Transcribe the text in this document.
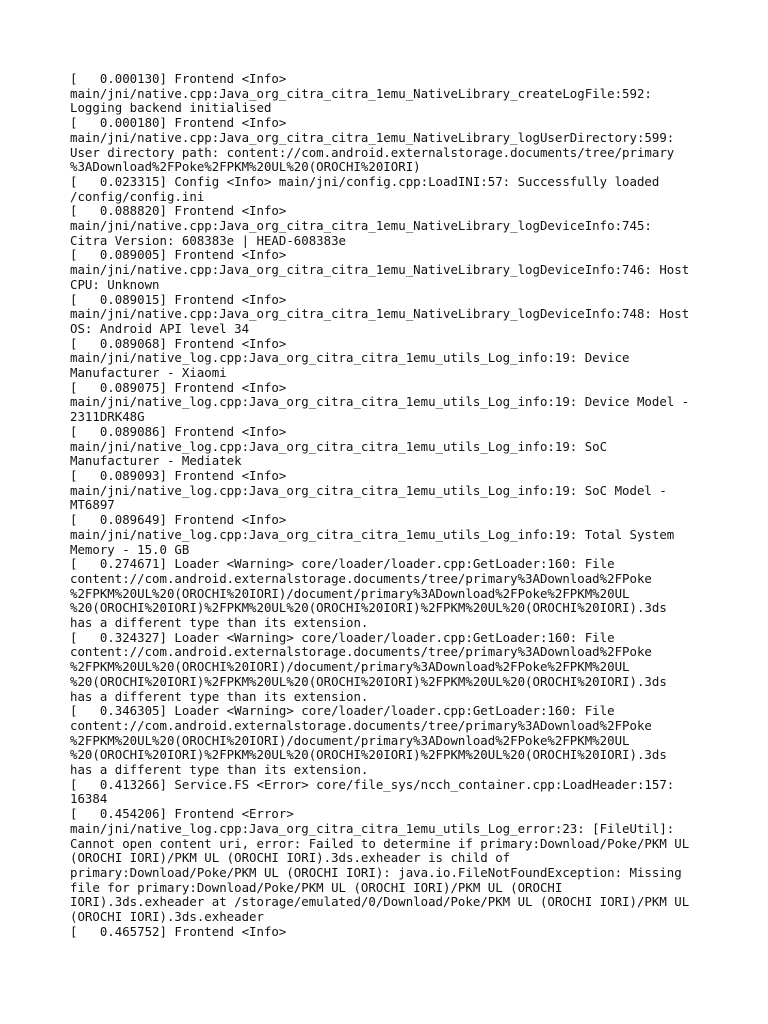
[   0.000130] Frontend <Info>
main/jni/native.cpp:Java_org_citra_citra_1emu_NativeLibrary_createLogFile:592:
Logging backend initialised
[   0.000180] Frontend <Info>
main/jni/native.cpp:Java_org_citra_citra_1emu_NativeLibrary_logUserDirectory:599:
User directory path: content://com.android.externalstorage.documents/tree/primary
%3ADownload%2FPoke%2FPKM%20UL%20(OROCHI%20IORI)
[   0.023315] Config <Info> main/jni/config.cpp:LoadINI:57: Successfully loaded
/config/config.ini
[   0.088820] Frontend <Info>
main/jni/native.cpp:Java_org_citra_citra_1emu_NativeLibrary_logDeviceInfo:745:
Citra Version: 608383e | HEAD-608383e
[   0.089005] Frontend <Info>
main/jni/native.cpp:Java_org_citra_citra_1emu_NativeLibrary_logDeviceInfo:746: Host
CPU: Unknown
[   0.089015] Frontend <Info>
main/jni/native.cpp:Java_org_citra_citra_1emu_NativeLibrary_logDeviceInfo:748: Host
OS: Android API level 34
[   0.089068] Frontend <Info>
main/jni/native_log.cpp:Java_org_citra_citra_1emu_utils_Log_info:19: Device
Manufacturer - Xiaomi
[   0.089075] Frontend <Info>
main/jni/native_log.cpp:Java_org_citra_citra_1emu_utils_Log_info:19: Device Model -
2311DRK48G
[   0.089086] Frontend <Info>
main/jni/native_log.cpp:Java_org_citra_citra_1emu_utils_Log_info:19: SoC
Manufacturer - Mediatek
[   0.089093] Frontend <Info>
main/jni/native_log.cpp:Java_org_citra_citra_1emu_utils_Log_info:19: SoC Model -
MT6897
[   0.089649] Frontend <Info>
main/jni/native_log.cpp:Java_org_citra_citra_1emu_utils_Log_info:19: Total System
Memory - 15.0 GB
[   0.274671] Loader <Warning> core/loader/loader.cpp:GetLoader:160: File
content://com.android.externalstorage.documents/tree/primary%3ADownload%2FPoke
%2FPKM%20UL%20(OROCHI%20IORI)/document/primary%3ADownload%2FPoke%2FPKM%20UL
%20(OROCHI%20IORI)%2FPKM%20UL%20(OROCHI%20IORI)%2FPKM%20UL%20(OROCHI%20IORI).3ds
has a different type than its extension.
[   0.324327] Loader <Warning> core/loader/loader.cpp:GetLoader:160: File
content://com.android.externalstorage.documents/tree/primary%3ADownload%2FPoke
%2FPKM%20UL%20(OROCHI%20IORI)/document/primary%3ADownload%2FPoke%2FPKM%20UL
%20(OROCHI%20IORI)%2FPKM%20UL%20(OROCHI%20IORI)%2FPKM%20UL%20(OROCHI%20IORI).3ds
has a different type than its extension.
[   0.346305] Loader <Warning> core/loader/loader.cpp:GetLoader:160: File
content://com.android.externalstorage.documents/tree/primary%3ADownload%2FPoke
%2FPKM%20UL%20(OROCHI%20IORI)/document/primary%3ADownload%2FPoke%2FPKM%20UL
%20(OROCHI%20IORI)%2FPKM%20UL%20(OROCHI%20IORI)%2FPKM%20UL%20(OROCHI%20IORI).3ds
has a different type than its extension.
[   0.413266] Service.FS <Error> core/file_sys/ncch_container.cpp:LoadHeader:157:
16384
[   0.454206] Frontend <Error>
main/jni/native_log.cpp:Java_org_citra_citra_1emu_utils_Log_error:23: [FileUtil]:
Cannot open content uri, error: Failed to determine if primary:Download/Poke/PKM UL
(OROCHI IORI)/PKM UL (OROCHI IORI).3ds.exheader is child of
primary:Download/Poke/PKM UL (OROCHI IORI): java.io.FileNotFoundException: Missing
file for primary:Download/Poke/PKM UL (OROCHI IORI)/PKM UL (OROCHI
IORI).3ds.exheader at /storage/emulated/0/Download/Poke/PKM UL (OROCHI IORI)/PKM UL
(OROCHI IORI).3ds.exheader
[   0.465752] Frontend <Info>
